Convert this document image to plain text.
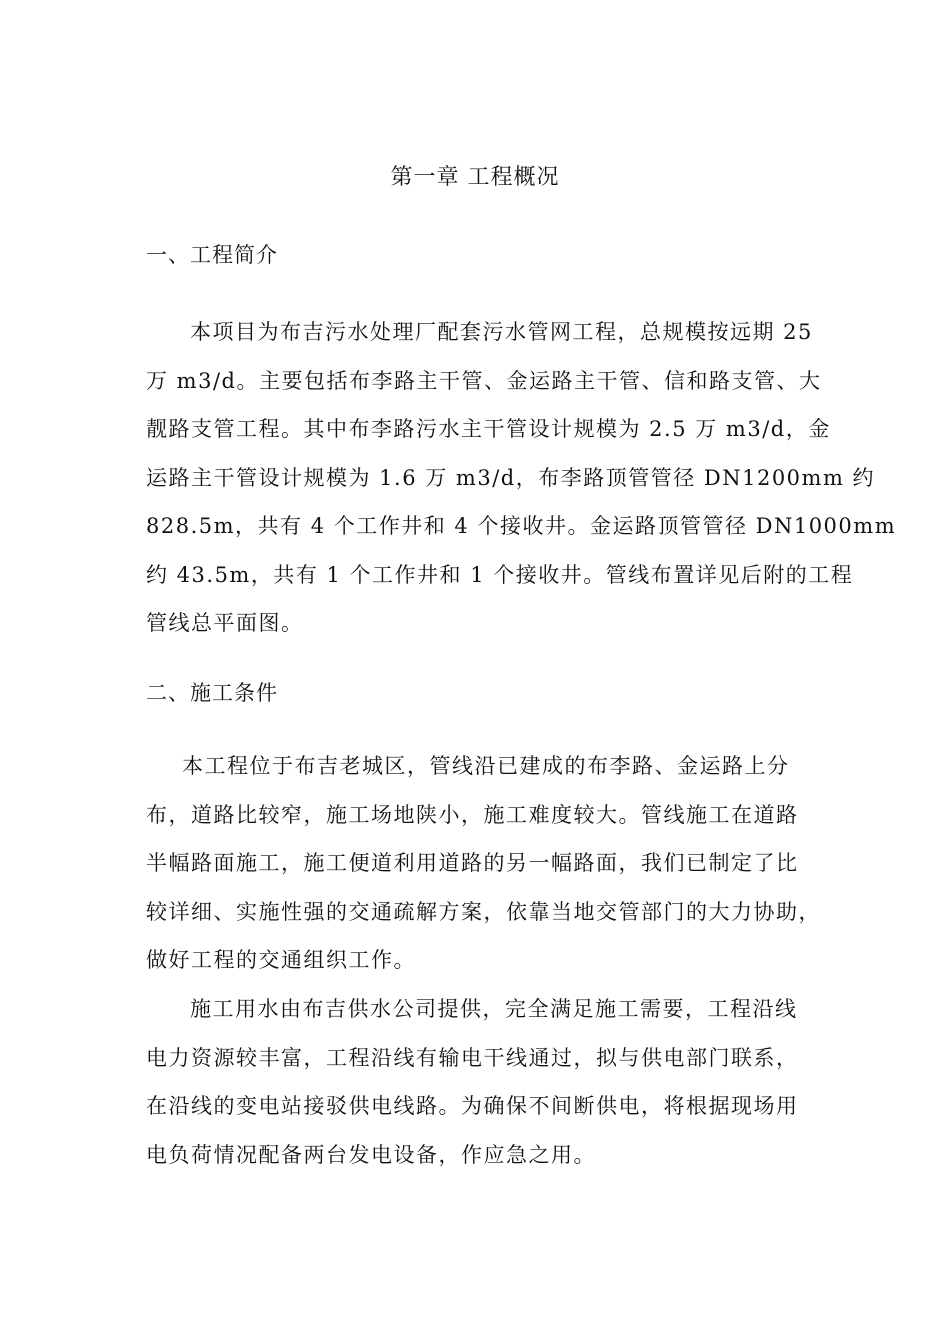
第一章 工程概况
一、工程简介
本项目为布吉污水处理厂配套污水管网工程，总规模按远期 25
万 m3/d。主要包括布李路主干管、金运路主干管、信和路支管、大
靓路支管工程。其中布李路污水主干管设计规模为 2.5 万 m3/d，金
运路主干管设计规模为 1.6 万 m3/d，布李路顶管管径 DN1200mm 约
828.5m，共有 4 个工作井和 4 个接收井。金运路顶管管径 DN1000mm
约 43.5m，共有 1 个工作井和 1 个接收井。管线布置详见后附的工程
管线总平面图。
二、施工条件
本工程位于布吉老城区，管线沿已建成的布李路、金运路上分
布，道路比较窄，施工场地陕小，施工难度较大。管线施工在道路
半幅路面施工，施工便道利用道路的另一幅路面，我们已制定了比
较详细、实施性强的交通疏解方案，依靠当地交管部门的大力协助，
做好工程的交通组织工作。
施工用水由布吉供水公司提供，完全满足施工需要，工程沿线
电力资源较丰富，工程沿线有输电干线通过，拟与供电部门联系，
在沿线的变电站接驳供电线路。为确保不间断供电，将根据现场用
电负荷情况配备两台发电设备，作应急之用。
